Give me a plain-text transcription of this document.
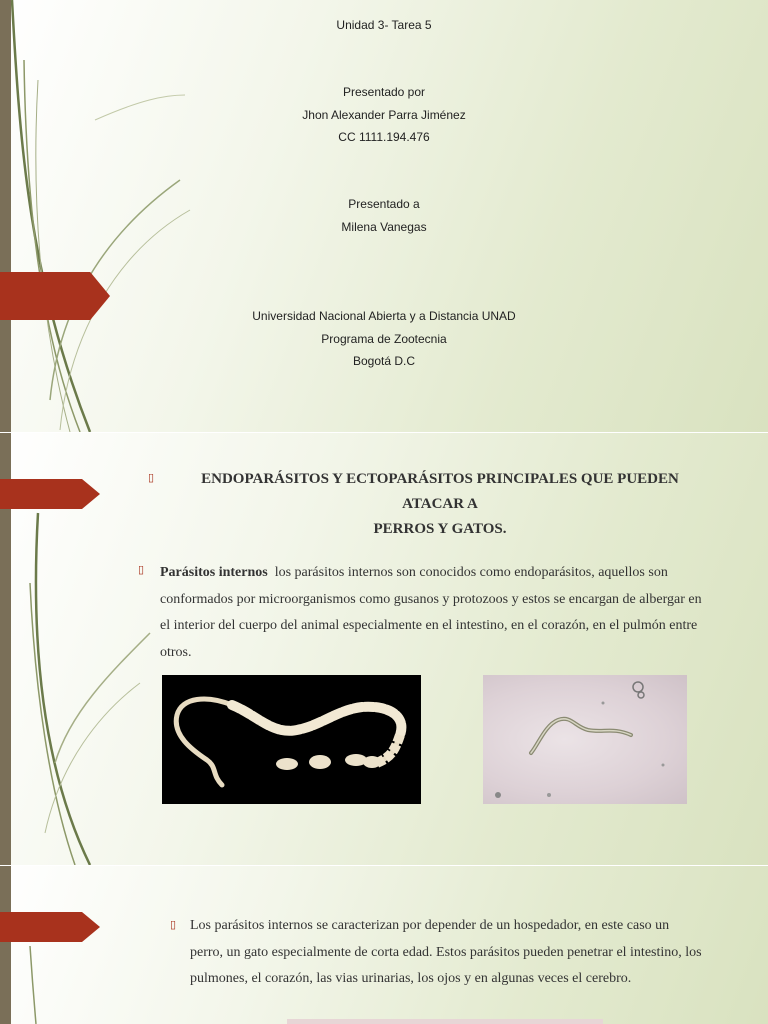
Unidad 3- Tarea 5
Presentado por
Jhon Alexander Parra Jiménez
CC 1111.194.476
Presentado a
Milena Vanegas
Universidad Nacional Abierta y a Distancia UNAD
Programa de Zootecnia
Bogotá D.C
▯	ENDOPARÁSITOS Y ECTOPARÁSITOS PRINCIPALES QUE PUEDEN ATACAR A
PERROS Y GATOS.
▯ Parásitos internos los parásitos internos son conocidos como endoparásitos, aquellos son
conformados por microorganismos como gusanos y protozoos y estos se encargan de albergar en
el interior del cuerpo del animal especialmente en el intestino, en el corazón, en el pulmón entre
otros.
▯ Los parásitos internos se caracterizan por depender de un hospedador, en este caso un
perro, un gato especialmente de corta edad. Estos parásitos pueden penetrar el intestino, los
pulmones, el corazón, las vias urinarias, los ojos y en algunas veces el cerebro.
